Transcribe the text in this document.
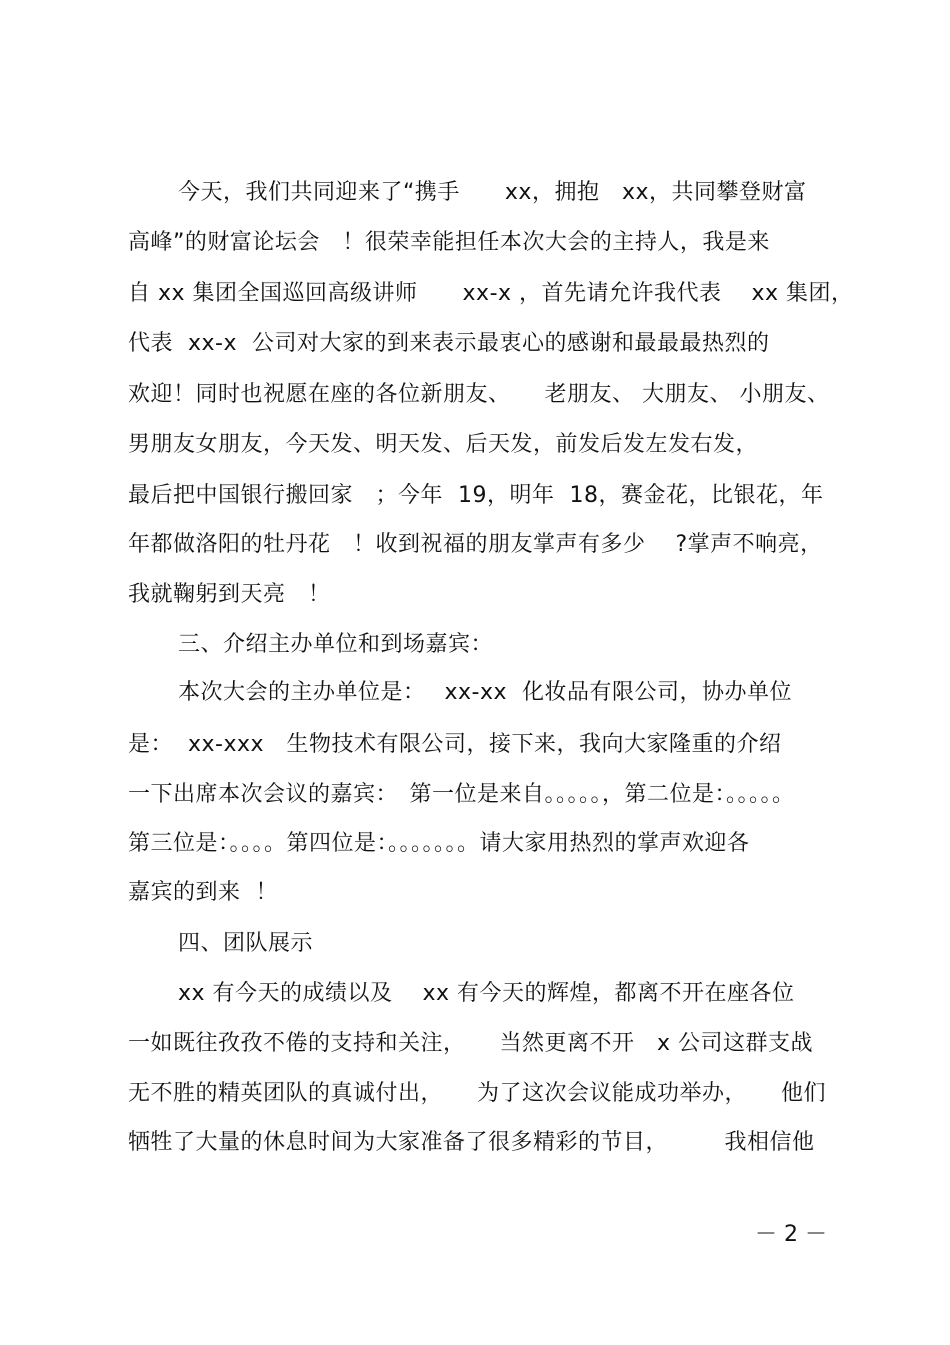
今天，我们共同迎来了“携手　　xx，拥抱　xx，共同攀登财富
高峰”的财富论坛会　！很荣幸能担任本次大会的主持人，我是来
自 xx 集团全国巡回高级讲师　　xx-x ，首先请允许我代表　 xx 集团，
代表  xx-x  公司对大家的到来表示最衷心的感谢和最最最热烈的
欢迎！同时也祝愿在座的各位新朋友、　　老朋友、 大朋友、 小朋友、
男朋友女朋友，今天发、明天发、后天发，前发后发左发右发，
最后把中国银行搬回家　；今年  19，明年  18，赛金花，比银花，年
年都做洛阳的牡丹花　！收到祝福的朋友掌声有多少　 ?掌声不响亮，
我就鞠躬到天亮　！
三、介绍主办单位和到场嘉宾：
本次大会的主办单位是：　 xx-xx  化妆品有限公司，协办单位
是：  xx-xxx   生物技术有限公司，接下来，我向大家隆重的介绍
一下出席本次会议的嘉宾：　第一位是来自。。。。。，第二位是：。。。。。
第三位是：。。。。第四位是：。。。。。。。请大家用热烈的掌声欢迎各
嘉宾的到来  ！
四、团队展示
xx 有今天的成绩以及　 xx 有今天的辉煌，都离不开在座各位
一如既往孜孜不倦的支持和关注，　　当然更离不开　x 公司这群支战
无不胜的精英团队的真诚付出，　　为了这次会议能成功举办，　　他们
牺牲了大量的休息时间为大家准备了很多精彩的节目，　　　我相信他
－ 2 －
